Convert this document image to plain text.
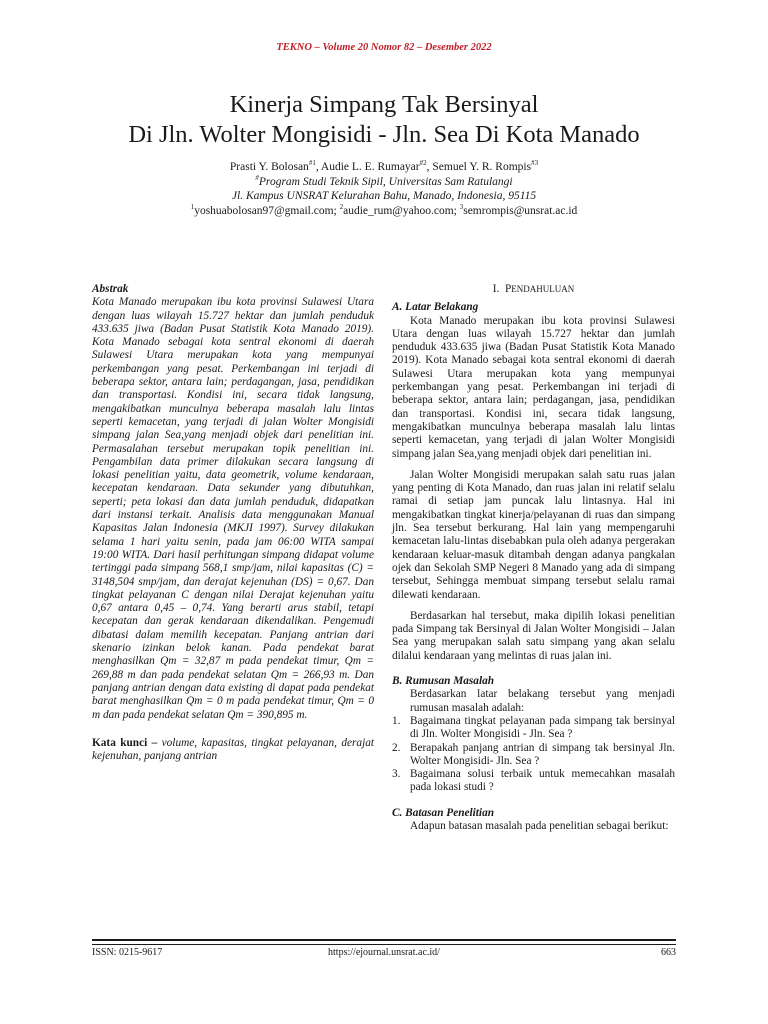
TEKNO – Volume 20 Nomor 82 – Desember 2022
Kinerja Simpang Tak Bersinyal
Di Jln. Wolter Mongisidi - Jln. Sea Di Kota Manado
Prasti Y. Bolosan$^{\#1}$, Audie L. E. Rumayar$^{\#2}$, Semuel Y. R. Rompis$^{\#3}$
#Program Studi Teknik Sipil, Universitas Sam Ratulangi
Jl. Kampus UNSRAT Kelurahan Bahu, Manado, Indonesia, 95115
$^1$yoshuabolosan97@gmail.com; $^2$audie_rum@yahoo.com; $^3$semrompis@unsrat.ac.id
Abstrak

Kota Manado merupakan ibu kota provinsi Sulawesi Utara dengan luas wilayah 15.727 hektar dan jumlah penduduk 433.635 jiwa (Badan Pusat Statistik Kota Manado 2019). Kota Manado sebagai kota sentral ekonomi di daerah Sulawesi Utara merupakan kota yang mempunyai perkembangan yang pesat. Perkembangan ini terjadi di beberapa sektor, antara lain; perdagangan, jasa, pendidikan dan transportasi. Kondisi ini, secara tidak langsung, mengakibatkan munculnya beberapa masalah lalu lintas seperti kemacetan, yang terjadi di jalan Wolter Mongisidi simpang jalan Sea,yang menjadi objek dari penelitian ini. Permasalahan tersebut merupakan topik penelitian ini. Pengambilan data primer dilakukan secara langsung di lokasi penelitian yaitu, data geometrik, volume kendaraan, kecepatan kendaraan. Data sekunder yang dibutuhkan, seperti; peta lokasi dan data jumlah penduduk, didapatkan dari instansi terkait. Analisis data menggunakan Manual Kapasitas Jalan Indonesia (MKJI 1997). Survey dilakukan selama 1 hari yaitu senin, pada jam 06:00 WITA sampai 19:00 WITA. Dari hasil perhitungan simpang didapat volume tertinggi pada simpang 568,1 smp/jam, nilai kapasitas (C) = 3148,504 smp/jam, dan derajat kejenuhan (DS) = 0,67. Dan tingkat pelayanan C dengan nilai Derajat kejenuhan yaitu 0,67 antara 0,45 – 0,74. Yang berarti arus stabil, tetapi kecepatan dan gerak kendaraan dikendalikan. Pengemudi dibatasi dalam memilih kecepatan. Panjang antrian dari skenario izinkan belok kanan. Pada pendekat barat menghasilkan Qm = 32,87 m pada pendekat timur, Qm = 269,88 m dan pada pendekat selatan Qm = 266,93 m. Dan panjang antrian dengan data existing di dapat pada pendekat barat menghasilkan Qm = 0 m pada pendekat timur, Qm = 0 m dan pada pendekat selatan Qm = 390,895 m.

Kata kunci – volume, kapasitas, tingkat pelayanan, derajat kejenuhan, panjang antrian
I. PENDAHULUAN
A. Latar Belakang

Kota Manado merupakan ibu kota provinsi Sulawesi Utara dengan luas wilayah 15.727 hektar dan jumlah penduduk 433.635 jiwa (Badan Pusat Statistik Kota Manado 2019). Kota Manado sebagai kota sentral ekonomi di daerah Sulawesi Utara merupakan kota yang mempunyai perkembangan yang pesat. Perkembangan ini terjadi di beberapa sektor, antara lain; perdagangan, jasa, pendidikan dan transportasi. Kondisi ini, secara tidak langsung, mengakibatkan munculnya beberapa masalah lalu lintas seperti kemacetan, yang terjadi di jalan Wolter Mongisidi simpang jalan Sea,yang menjadi objek dari penelitian ini.

Jalan Wolter Mongisidi merupakan salah satu ruas jalan yang penting di Kota Manado, dan ruas jalan ini relatif selalu ramai di setiap jam puncak lalu lintasnya. Hal ini mengakibatkan tingkat kinerja/pelayanan di ruas dan simpang jln. Sea tersebut berkurang. Hal lain yang mempengaruhi kemacetan lalu-lintas disebabkan pula oleh adanya pergerakan kendaraan keluar-masuk ditambah dengan adanya pangkalan ojek dan Sekolah SMP Negeri 8 Manado yang ada di simpang tersebut, Sehingga membuat simpang tersebut selalu ramai dilewati kendaraan.

Berdasarkan hal tersebut, maka dipilih lokasi penelitian pada Simpang tak Bersinyal di Jalan Wolter Mongisidi – Jalan Sea yang merupakan salah satu simpang yang akan selalu dilalui kendaraan yang melintas di ruas jalan ini.

B. Rumusan Masalah

Berdasarkan latar belakang tersebut yang menjadi rumusan masalah adalah:

1. Bagaimana tingkat pelayanan pada simpang tak bersinyal di Jln. Wolter Mongisidi - Jln. Sea ?
2. Berapakah panjang antrian di simpang tak bersinyal Jln. Wolter Mongisidi- Jln. Sea ?
3. Bagaimana solusi terbaik untuk memecahkan masalah pada lokasi studi ?
C. Batasan Penelitian

Adapun batasan masalah pada penelitian sebagai berikut:

ISSN: 0215-9617	https://ejournal.unsrat.ac.id/	663
